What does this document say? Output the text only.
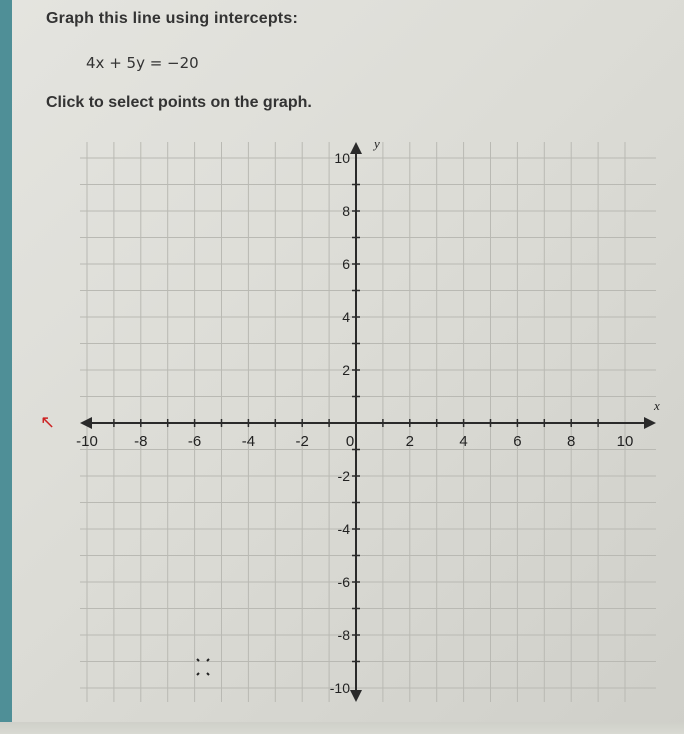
Graph this line using intercepts:
4x + 5y = −20
Click to select points on the graph.
-10 -8	-6	-4	-2 0	2	4	6	8	10
10
8
6
4
2
-2
-4
-6
-8
-10
x
y
↖
